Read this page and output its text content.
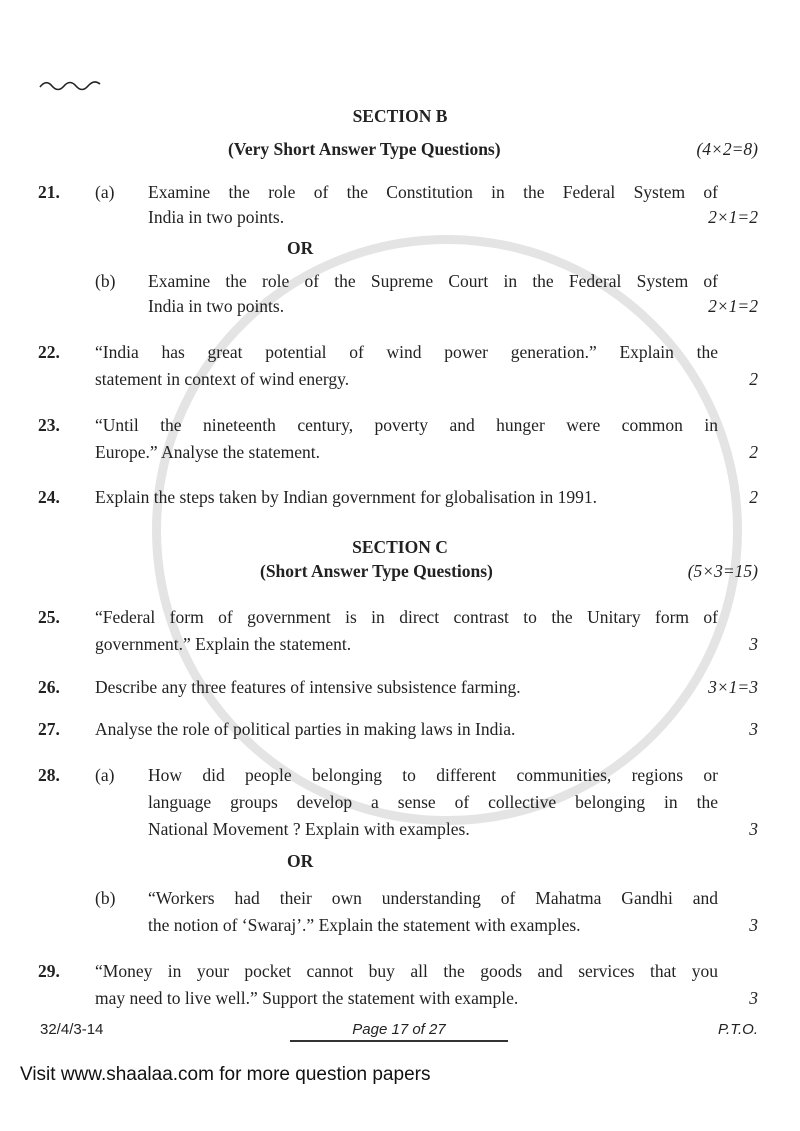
SECTION B
(Very Short Answer Type Questions)	(4×2=8)
21. (a) Examine the role of the Constitution in the Federal System of
India in two points.	2×1=2
OR
(b) Examine the role of the Supreme Court in the Federal System of
India in two points.	2×1=2
22. “India has great potential of wind power generation.” Explain the
statement in context of wind energy.	2
23. “Until the nineteenth century, poverty and hunger were common in
Europe.” Analyse the statement.	2
24. Explain the steps taken by Indian government for globalisation in 1991.	2
SECTION C
(Short Answer Type Questions)	(5×3=15)
25. “Federal form of government is in direct contrast to the Unitary form of
government.” Explain the statement.	3
26. Describe any three features of intensive subsistence farming.	3×1=3
27. Analyse the role of political parties in making laws in India.	3
28. (a) How did people belonging to different communities, regions or
language groups develop a sense of collective belonging in the
National Movement ? Explain with examples.	3
OR
(b) “Workers had their own understanding of Mahatma Gandhi and
the notion of ‘Swaraj’.” Explain the statement with examples.	3
29. “Money in your pocket cannot buy all the goods and services that you
may need to live well.” Support the statement with example.	3
32/4/3-14	Page 17 of 27	P.T.O.
Visit www.shaalaa.com for more question papers
